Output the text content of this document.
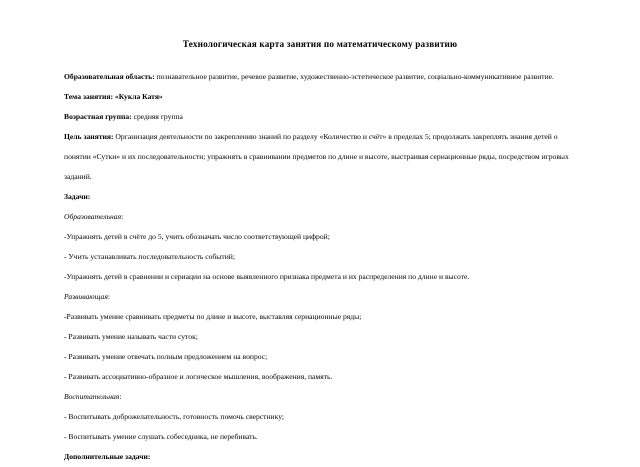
Технологическая карта занятия по математическому развитию

Образовательная область: познавательное развитие, речевое развитие, художественно-эстетическое развитие, социально-коммуникативное развитие.

Тема занятия: «Кукла Катя»

Возрастная группа: средняя группа

Цель занятия: Организация деятельности по закреплению знаний по разделу «Количество и счёт» в пределах 5; продолжать закреплять знания детей о понятии «Сутки» и их последовательности; упражнять в сравнивании предметов по длине и высоте, выстраивая сериационные ряды, посредством игровых заданий.

Задачи:

Образовательная:

-Упражнять детей в счёте до 5, учить обозначать число соответствующей цифрой;

- Учить устанавливать последовательность событий;

-Упражнять детей в сравнении и сериации на основе выявленного признака предмета и их распределения по длине и высоте.

Развивающая:

-Развивать умение сравнивать предметы по длине и высоте, выставляя сериационные ряды;

- Развивать умение называть части суток;

- Развивать умение отвечать полным предложением на вопрос;

- Развивать ассоциативно-образное и логическое мышления, воображения, память.

Воспитательная:

- Воспитывать доброжелательность, готовность помочь сверстнику;

- Воспитывать умение слушать собеседника, не перебивать.

Дополнительные задачи:
